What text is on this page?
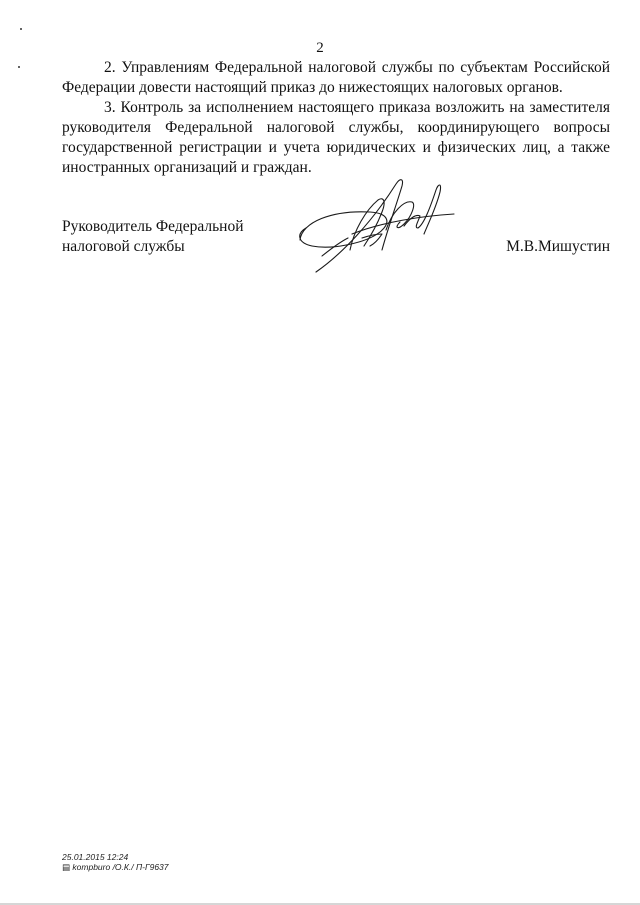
2

2. Управлениям Федеральной налоговой службы по субъектам Российской Федерации довести настоящий приказ до нижестоящих налоговых органов.

3. Контроль за исполнением настоящего приказа возложить на заместителя руководителя Федеральной налоговой службы, координирующего вопросы государственной регистрации и учета юридических и физических лиц, а также иностранных организаций и граждан.

Руководитель Федеральной
налоговой службы	М.В.Мишустин
25.01.2015 12:24
▤ kompburo /О.К./ П-Г9637
